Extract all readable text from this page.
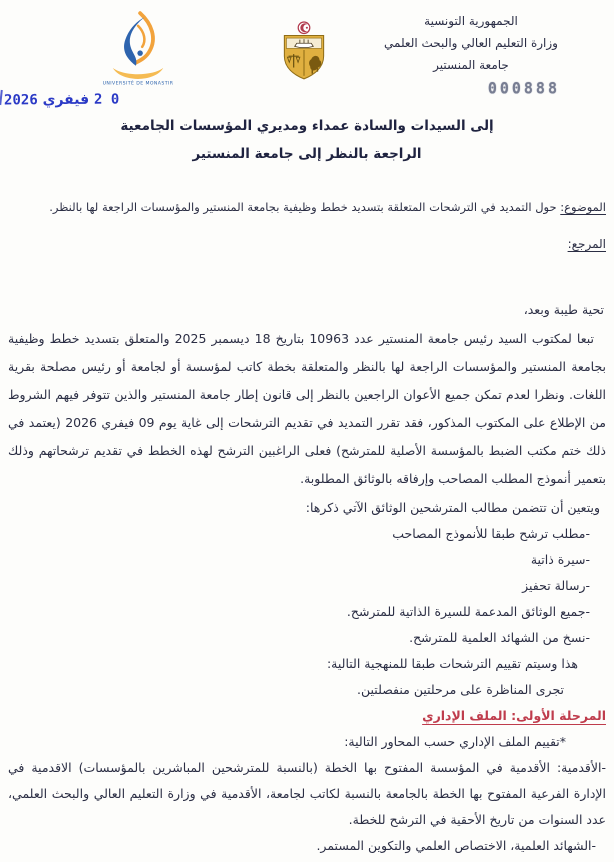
الجمهورية التونسية
وزارة التعليم العالي والبحث العلمي
جامعة المنستير
UNIVERSITÉ DE MONASTIR	000888
0 2 فيفري 2026
إلى السيدات والسادة عمداء ومديري المؤسسات الجامعية
الراجعة بالنظر إلى جامعة المنستير
الموضوع: حول التمديد في الترشحات المتعلقة بتسديد خطط وظيفية بجامعة المنستير والمؤسسات الراجعة لها بالنظر.
المرجع:
تحية طيبة وبعد،
تبعا لمكتوب السيد رئيس جامعة المنستير عدد 10963 بتاريخ 18 ديسمبر 2025 والمتعلق بتسديد خطط وظيفية بجامعة المنستير والمؤسسات الراجعة لها بالنظر والمتعلقة بخطة كاتب لمؤسسة أو لجامعة أو رئيس مصلحة بقرية اللغات. ونظرا لعدم تمكن جميع الأعوان الراجعين بالنظر إلى قانون إطار جامعة المنستير والذين تتوفر فيهم الشروط من الإطلاع على المكتوب المذكور، فقد تقرر التمديد في تقديم الترشحات إلى غاية يوم 09 فيفري 2026 (يعتمد في ذلك ختم مكتب الضبط بالمؤسسة الأصلية للمترشح) فعلى الراغبين الترشح لهذه الخطط في تقديم ترشحاتهم وذلك بتعمير أنموذج المطلب المصاحب وإرفاقه بالوثائق المطلوبة.
ويتعين أن تتضمن مطالب المترشحين الوثائق الآتي ذكرها:
-مطلب ترشح طبقا للأنموذج المصاحب
-سيرة ذاتية
-رسالة تحفيز
-جميع الوثائق المدعمة للسيرة الذاتية للمترشح.
-نسخ من الشهائد العلمية للمترشح.
هذا وسيتم تقييم الترشحات طبقا للمنهجية التالية:
تجرى المناظرة على مرحلتين منفصلتين.
المرحلة الأولى: الملف الإداري
*تقييم الملف الإداري حسب المحاور التالية:
-الأقدمية: الأقدمية في المؤسسة المفتوح بها الخطة (بالنسبة للمترشحين المباشرين بالمؤسسات) الاقدمية في الإدارة الفرعية المفتوح بها الخطة بالجامعة بالنسبة لكاتب لجامعة، الأقدمية في وزارة التعليم العالي والبحث العلمي، عدد السنوات من تاريخ الأحقية في الترشح للخطة.
-الشهائد العلمية، الاختصاص العلمي والتكوين المستمر.
